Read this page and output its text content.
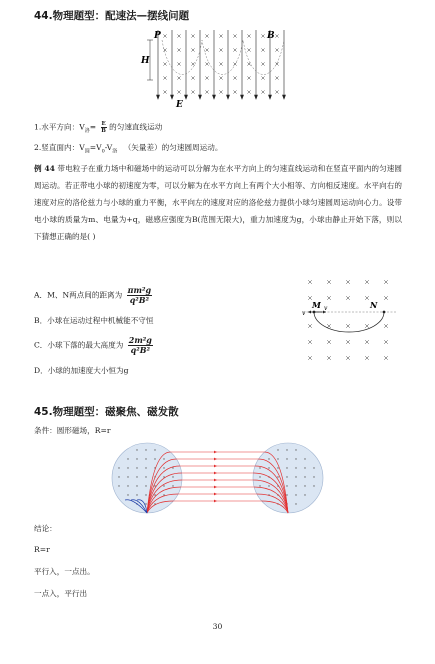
44.物理题型：配速法—摆线问题
P	B
H
E
1.水平方向：$V_洛= \frac{E}{B}$ 的匀速直线运动
2.竖直面内：$V_圆=V_0-V_洛$ （矢量差）的匀速圆周运动。
例 44 带电粒子在重力场中和磁场中的运动可以分解为在水平方向上的匀速直线运动和在竖直平面内的匀速圆周运动。若正带电小球的初速度为零，可以分解为在水平方向上有两个大小相等、方向相反速度。水平向右的速度对应的洛伦兹力与小球的重力平衡，水平向左的速度对应的洛伦兹力提供小球匀速圆周运动向心力。设带电小球的质量为m、电量为+q，磁感应强度为B(范围无限大)，重力加速度为g，小球由静止开始下落，则以下猜想正确的是( )
A．M、N两点间的距离为 $\frac{\text{πm²g}}{\text{q²B²}}$
B．小球在运动过程中机械能不守恒
C．小球下落的最大高度为 $\frac{\text{2m²g}}{\text{q²B²}}$
D．小球的加速度大小恒为g
M	N
v
v
45.物理题型：磁聚焦、磁发散
条件：圆形磁场，R=r
结论：
R=r
平行入，一点出。
一点入，平行出
30
